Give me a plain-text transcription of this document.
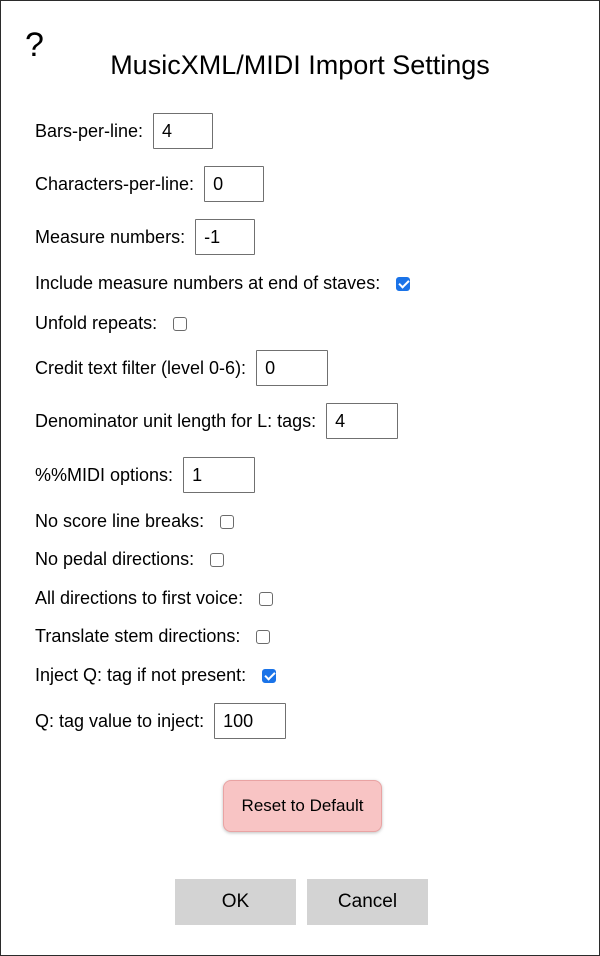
?
MusicXML/MIDI Import Settings
Bars-per-line:
4
Characters-per-line:
0
Measure numbers:
-1
Include measure numbers at end of staves:
Unfold repeats:
Credit text filter (level 0-6):
0
Denominator unit length for L: tags:
4
%%MIDI options:
1
No score line breaks:
No pedal directions:
All directions to first voice:
Translate stem directions:
Inject Q: tag if not present:
Q: tag value to inject:
100
Reset to Default
OK	Cancel
